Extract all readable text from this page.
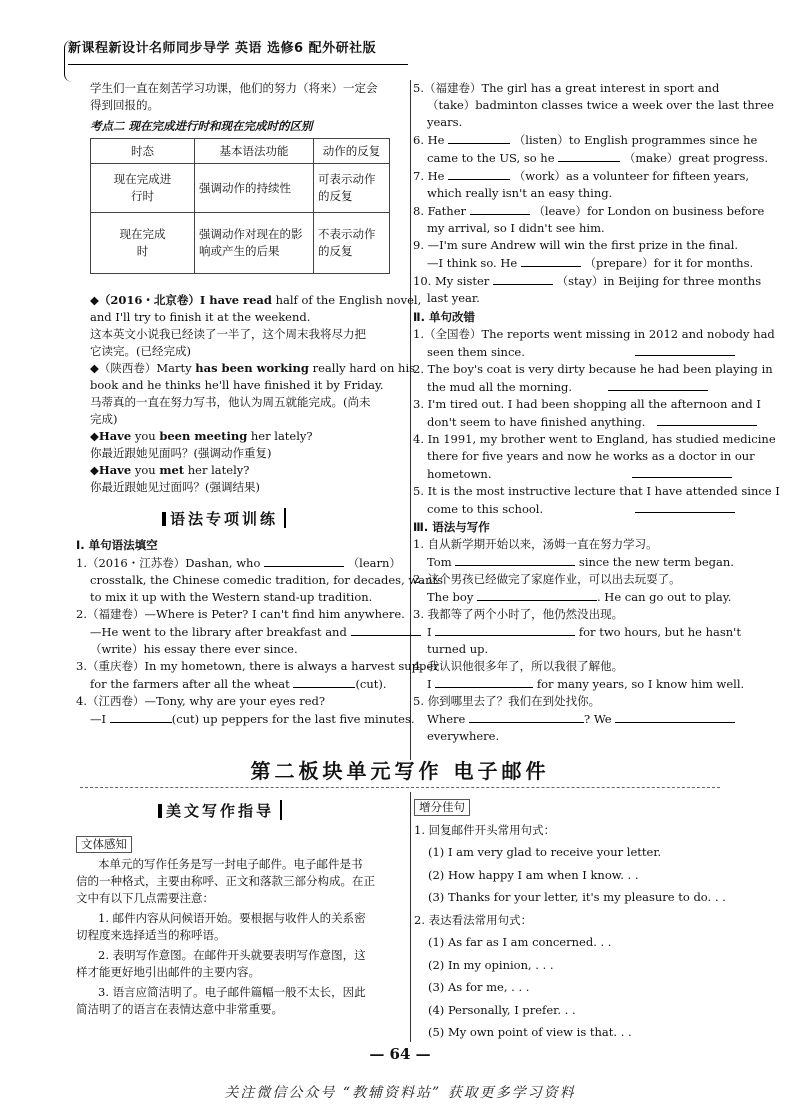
新课程新设计名师同步导学 英语 选修6 配外研社版
学生们一直在刻苦学习功课，他们的努力（将来）一定会
得到回报的。
考点二 现在完成进行时和现在完成时的区别
时态	基本语法功能	动作的反复
现在完成进行时	强调动作的持续性	可表示动作的反复
现在完成时	强调动作对现在的影响或产生的后果	不表示动作的反复
◆（2016・北京卷）I have read half of the English novel,
and I'll try to finish it at the weekend.
这本英文小说我已经读了一半了，这个周末我将尽力把
它读完。(已经完成)
◆（陕西卷）Marty has been working really hard on his
book and he thinks he'll have finished it by Friday.
马蒂真的一直在努力写书，他认为周五就能完成。(尚未
完成)
◆Have you been meeting her lately?
你最近跟她见面吗？(强调动作重复)
◆Have you met her lately?
你最近跟她见过面吗？(强调结果)
语法专项训练
Ⅰ. 单句语法填空
1.（2016・江苏卷）Dashan, who	（learn）
crosstalk, the Chinese comedic tradition, for decades, wants
to mix it up with the Western stand-up tradition.
2.（福建卷）—Where is Peter? I can't find him anywhere.
—He went to the library after breakfast and
（write）his essay there ever since.
3.（重庆卷）In my hometown, there is always a harvest supper
for the farmers after all the wheat	(cut).
4.（江西卷）—Tony, why are your eyes red?
—I	(cut) up peppers for the last five minutes.
5.（福建卷）The girl has a great interest in sport and
（take）badminton classes twice a week over the last three
years.
6. He	（listen）to English programmes since he
came to the US, so he	（make）great progress.
7. He	（work）as a volunteer for fifteen years,
which really isn't an easy thing.
8. Father	（leave）for London on business before
my arrival, so I didn't see him.
9. —I'm sure Andrew will win the first prize in the final.
—I think so. He	（prepare）for it for months.
10. My sister	（stay）in Beijing for three months
last year.
Ⅱ. 单句改错
1.（全国卷）The reports went missing in 2012 and nobody had
seen them since.
2. The boy's coat is very dirty because he had been playing in
the mud all the morning.
3. I'm tired out. I had been shopping all the afternoon and I
don't seem to have finished anything.
4. In 1991, my brother went to England, has studied medicine
there for five years and now he works as a doctor in our
hometown.
5. It is the most instructive lecture that I have attended since I
come to this school.
Ⅲ. 语法与写作
1. 自从新学期开始以来，汤姆一直在努力学习。
Tom	since the new term began.
2. 这个男孩已经做完了家庭作业，可以出去玩耍了。
The boy	. He can go out to play.
3. 我都等了两个小时了，他仍然没出现。
I	for two hours, but he hasn't
turned up.
4. 我认识他很多年了，所以我很了解他。
I	for many years, so I know him well.
5. 你到哪里去了？我们在到处找你。
Where	? We
everywhere.
第二板块单元写作 电子邮件
美文写作指导
文体感知
本单元的写作任务是写一封电子邮件。电子邮件是书
信的一种格式，主要由称呼、正文和落款三部分构成。在正
文中有以下几点需要注意：
1. 邮件内容从问候语开始。要根据与收件人的关系密
切程度来选择适当的称呼语。
2. 表明写作意图。在邮件开头就要表明写作意图，这
样才能更好地引出邮件的主要内容。
3. 语言应简洁明了。电子邮件篇幅一般不太长，因此
简洁明了的语言在表情达意中非常重要。
增分佳句
1. 回复邮件开头常用句式：
(1) I am very glad to receive your letter.
(2) How happy I am when I know. . .
(3) Thanks for your letter, it's my pleasure to do. . .
2. 表达看法常用句式：
(1) As far as I am concerned. . .
(2) In my opinion, . . .
(3) As for me, . . .
(4) Personally, I prefer. . .
(5) My own point of view is that. . .
— 64 —
关注微信公众号 “教辅资料站” 获取更多学习资料
